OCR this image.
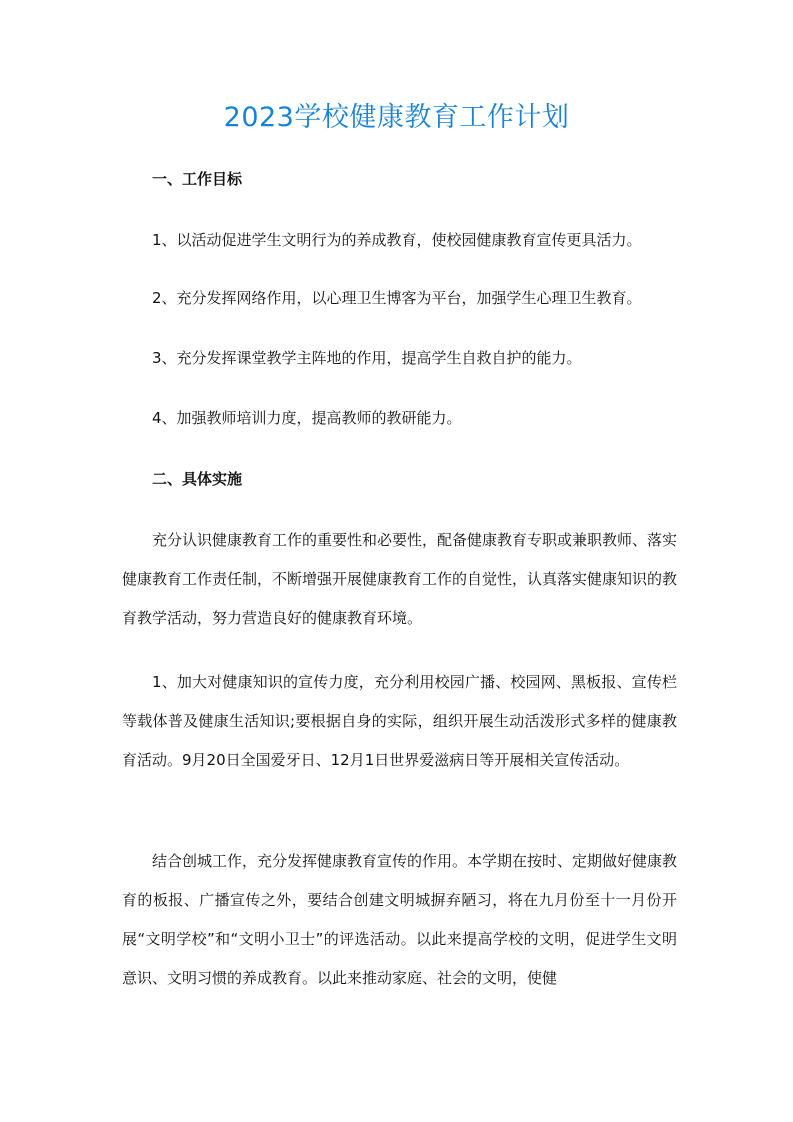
2023学校健康教育工作计划
一、工作目标
1、以活动促进学生文明行为的养成教育，使校园健康教育宣传更具活力。
2、充分发挥网络作用，以心理卫生博客为平台，加强学生心理卫生教育。
3、充分发挥课堂教学主阵地的作用，提高学生自救自护的能力。
4、加强教师培训力度，提高教师的教研能力。
二、具体实施
充分认识健康教育工作的重要性和必要性，配备健康教育专职或兼职教师、落实健康教育工作责任制，不断增强开展健康教育工作的自觉性，认真落实健康知识的教育教学活动，努力营造良好的健康教育环境。
1、加大对健康知识的宣传力度，充分利用校园广播、校园网、黑板报、宣传栏等载体普及健康生活知识;要根据自身的实际，组织开展生动活泼形式多样的健康教育活动。9月20日全国爱牙日、12月1日世界爱滋病日等开展相关宣传活动。
结合创城工作，充分发挥健康教育宣传的作用。本学期在按时、定期做好健康教育的板报、广播宣传之外，要结合创建文明城摒弃陋习，将在九月份至十一月份开展“文明学校”和“文明小卫士”的评选活动。以此来提高学校的文明，促进学生文明意识、文明习惯的养成教育。以此来推动家庭、社会的文明，使健
